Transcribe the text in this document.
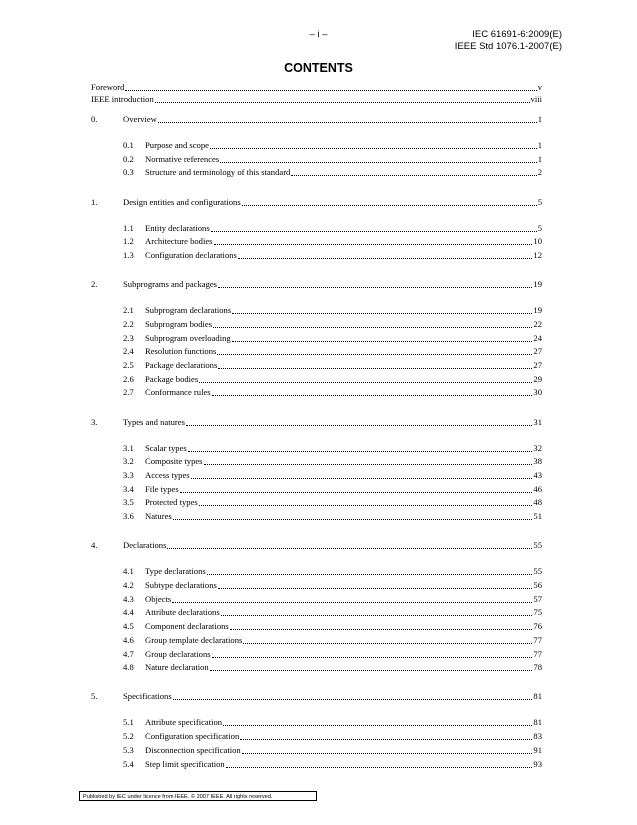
– i –	IEC 61691-6:2009(E)
IEEE Std 1076.1-2007(E)
CONTENTS
Foreword	v
IEEE introduction	viii
0.	Overview	1
0.1	Purpose and scope	1
0.2	Normative references	1
0.3	Structure and terminology of this standard	2
1.	Design entities and configurations	5
1.1	Entity declarations	5
1.2	Architecture bodies	10
1.3	Configuration declarations	12
2.	Subprograms and packages	19
2.1	Subprogram declarations	19
2.2	Subprogram bodies	22
2.3	Subprogram overloading	24
2.4	Resolution functions	27
2.5	Package declarations	27
2.6	Package bodies	29
2.7	Conformance rules	30
3.	Types and natures	31
3.1	Scalar types	32
3.2	Composite types	38
3.3	Access types	43
3.4	File types	46
3.5	Protected types	48
3.6	Natures	51
4.	Declarations	55
4.1	Type declarations	55
4.2	Subtype declarations	56
4.3	Objects	57
4.4	Attribute declarations	75
4.5	Component declarations	76
4.6	Group template declarations	77
4.7	Group declarations	77
4.8	Nature declaration	78
5.	Specifications	81
5.1	Attribute specification	81
5.2	Configuration specification	83
5.3	Disconnection specification	91
5.4	Step limit specification	93
Published by IEC under licence from IEEE. © 2007 IEEE. All rights reserved.
